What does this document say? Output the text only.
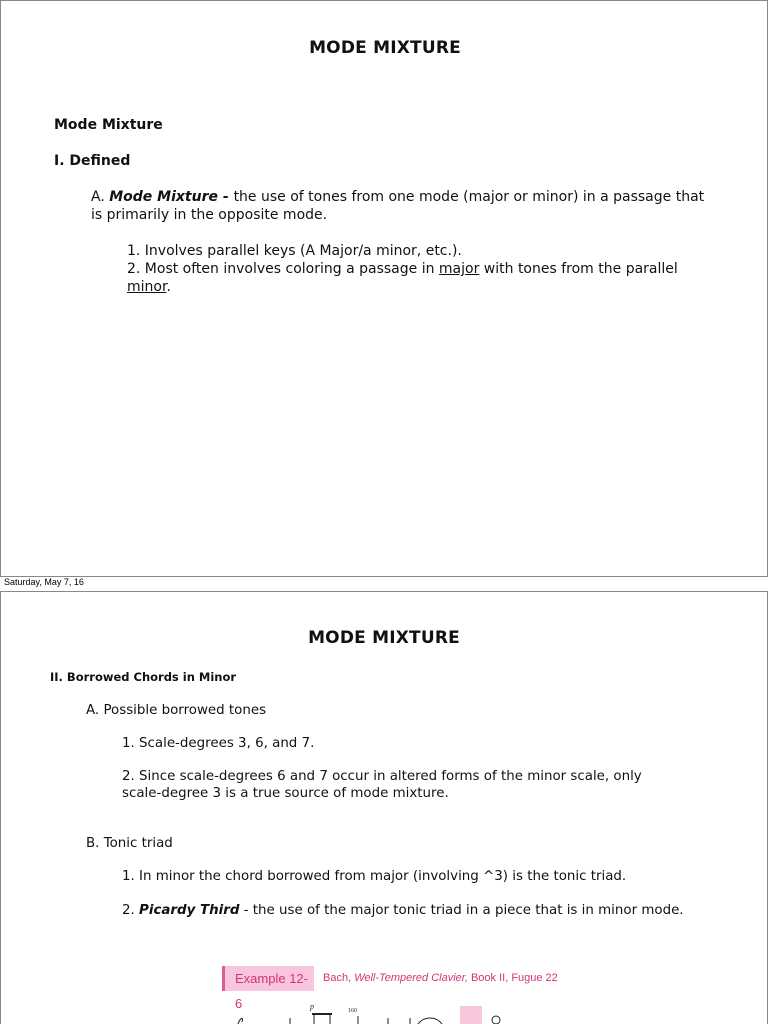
MODE MIXTURE
Mode Mixture
I. Defined
A. Mode Mixture - the use of tones from one mode (major or minor) in a passage that
is primarily in the opposite mode.
1. Involves parallel keys (A Major/a minor, etc.).
2. Most often involves coloring a passage in major with tones from the parallel
minor.
Saturday, May 7, 16
MODE MIXTURE
II. Borrowed Chords in Minor
A. Possible borrowed tones
1. Scale-degrees 3, 6, and 7.
2. Since scale-degrees 6 and 7 occur in altered forms of the minor scale, only
scale-degree 3 is a true source of mode mixture.
B. Tonic triad
1. In minor the chord borrowed from major (involving ^3) is the tonic triad.
2. Picardy Third - the use of the major tonic triad in a piece that is in minor mode.
Example 12-6
Bach, Well-Tempered Clavier, Book II, Fugue 22
p	160
